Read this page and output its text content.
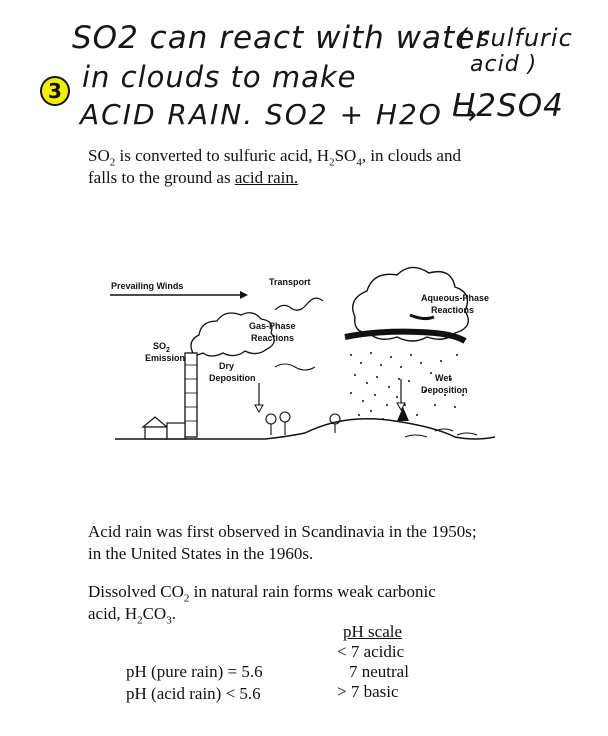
SO2 can react with water
( sulfuric
3 in clouds to make	acid )
ACID RAIN. SO2 + H2O →
H2SO4
$SO_2$ is converted to sulfuric acid, $H_2SO_4$, in clouds and
falls to the ground as acid rain.
Prevailing Winds	Transport
Aqueous-Phase
Reactions
Gas-Phase
Reactions
$SO_2$
Emission
Dry
Deposition	Wet
Deposition
Acid rain was first observed in Scandinavia in the 1950s;
in the United States in the 1960s.
Dissolved $CO_2$ in natural rain forms weak carbonic
acid, $H_2CO_3$.
pH scale
< 7 acidic
7 neutral
> 7 basic
pH (pure rain) = 5.6
pH (acid rain) < 5.6
